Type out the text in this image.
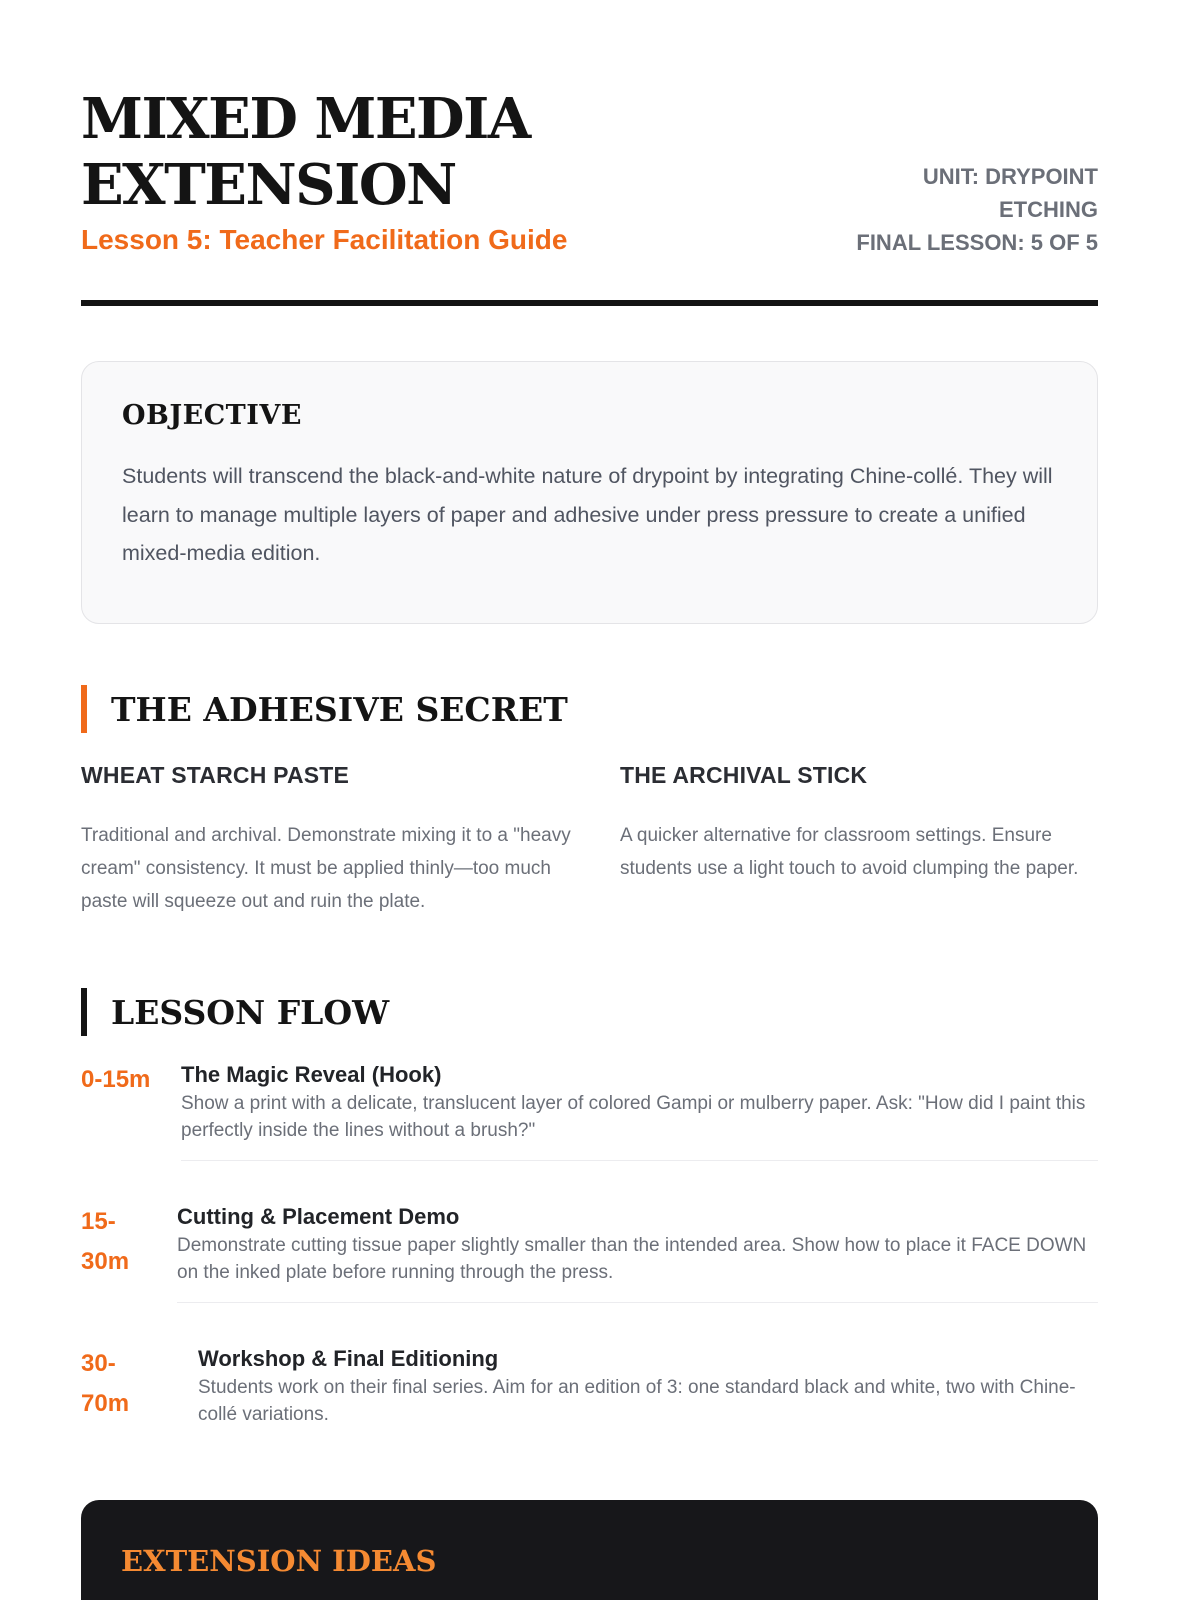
MIXED MEDIA EXTENSION
Lesson 5: Teacher Facilitation Guide
UNIT: DRYPOINT ETCHING
FINAL LESSON: 5 OF 5
OBJECTIVE

Students will transcend the black-and-white nature of drypoint by integrating Chine-collé. They will learn to manage multiple layers of paper and adhesive under press pressure to create a unified mixed-media edition.

THE ADHESIVE SECRET
WHEAT STARCH PASTE

Traditional and archival. Demonstrate mixing it to a "heavy cream" consistency. It must be applied thinly—too much paste will squeeze out and ruin the plate.

THE ARCHIVAL STICK

A quicker alternative for classroom settings. Ensure students use a light touch to avoid clumping the paper.

LESSON FLOW
0-15m The Magic Reveal (Hook)
Show a print with a delicate, translucent layer of colored Gampi or mulberry paper. Ask: "How did I paint this perfectly inside the lines without a brush?"
15-30m
Cutting & Placement Demo
Demonstrate cutting tissue paper slightly smaller than the intended area. Show how to place it FACE DOWN on the inked plate before running through the press.
30-70m
Workshop & Final Editioning
Students work on their final series. Aim for an edition of 3: one standard black and white, two with Chine-collé variations.
EXTENSION IDEAS
